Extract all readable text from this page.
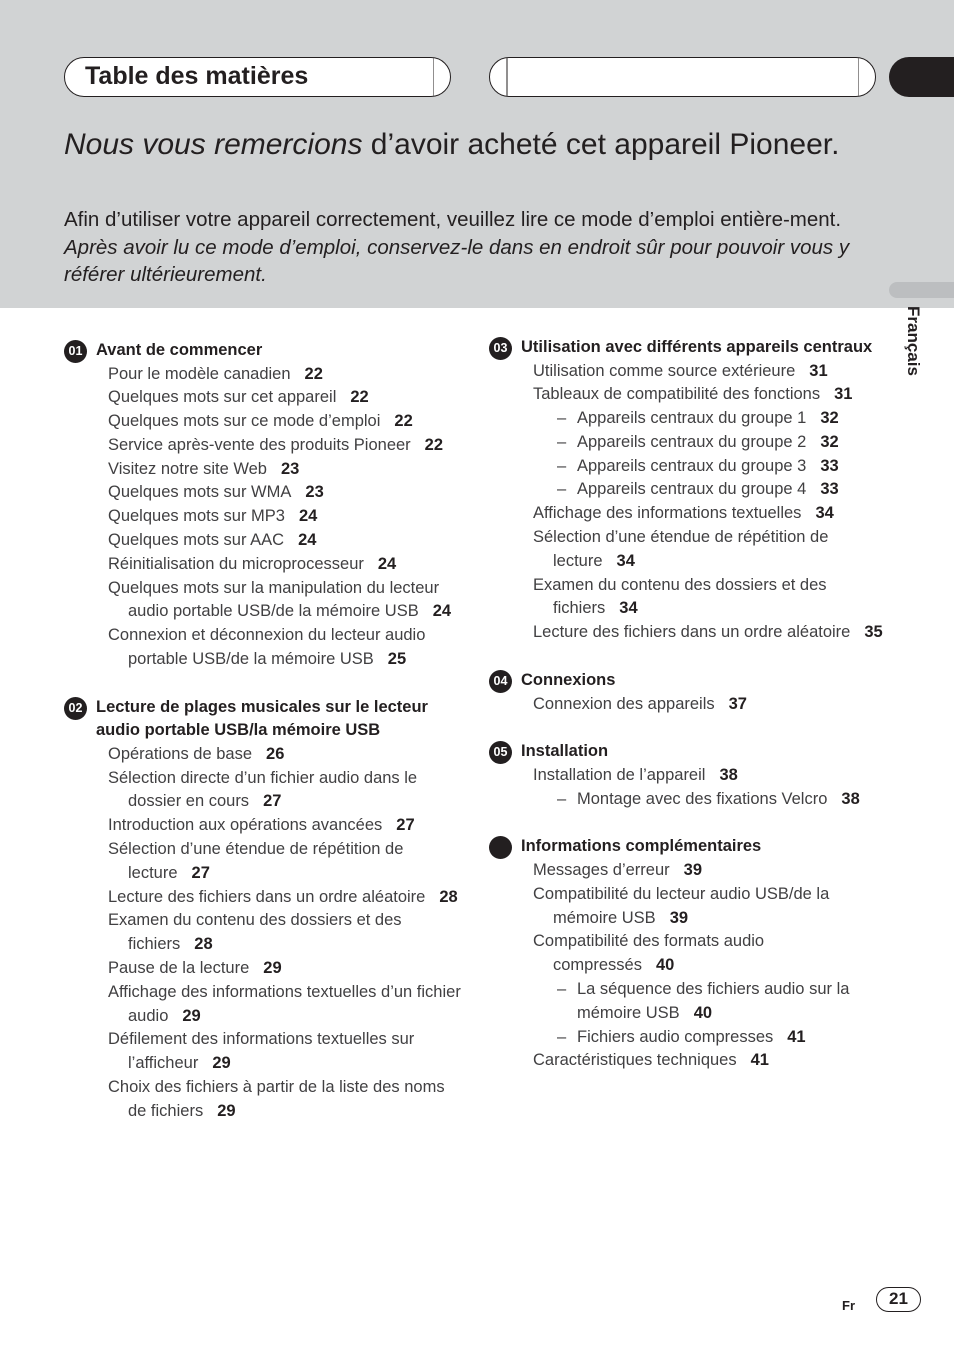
Table des matières
Nous vous remercions d’avoir acheté cet appareil Pioneer.
Afin d’utiliser votre appareil correctement, veuillez lire ce mode d’emploi entière-ment. Après avoir lu ce mode d’emploi, conservez-le dans en endroit sûr pour pouvoir vous y référer ultérieurement.
Français
01 Avant de commencer
Pour le modèle canadien 22
Quelques mots sur cet appareil 22
Quelques mots sur ce mode d’emploi 22
Service après-vente des produits Pioneer 22
Visitez notre site Web 23
Quelques mots sur WMA 23
Quelques mots sur MP3 24
Quelques mots sur AAC 24
Réinitialisation du microprocesseur 24
Quelques mots sur la manipulation du lecteur audio portable USB/de la mémoire USB 24
Connexion et déconnexion du lecteur audio portable USB/de la mémoire USB 25
02 Lecture de plages musicales sur le lecteur audio portable USB/la mémoire USB
Opérations de base 26
Sélection directe d’un fichier audio dans le dossier en cours 27
Introduction aux opérations avancées 27
Sélection d’une étendue de répétition de lecture 27
Lecture des fichiers dans un ordre aléatoire 28
Examen du contenu des dossiers et des fichiers 28
Pause de la lecture 29
Affichage des informations textuelles d’un fichier audio 29
Défilement des informations textuelles sur l’afficheur 29
Choix des fichiers à partir de la liste des noms de fichiers 29
03 Utilisation avec différents appareils centraux
Utilisation comme source extérieure 31
Tableaux de compatibilité des fonctions 31
– Appareils centraux du groupe 1 32
– Appareils centraux du groupe 2 32
– Appareils centraux du groupe 3 33
– Appareils centraux du groupe 4 33
Affichage des informations textuelles 34
Sélection d’une étendue de répétition de lecture 34
Examen du contenu des dossiers et des fichiers 34
Lecture des fichiers dans un ordre aléatoire 35
04 Connexions
Connexion des appareils 37
05 Installation
Installation de l’appareil 38
– Montage avec des fixations Velcro 38
Informations complémentaires
Messages d’erreur 39
Compatibilité du lecteur audio USB/de la mémoire USB 39
Compatibilité des formats audio compressés 40
– La séquence des fichiers audio sur la mémoire USB 40
– Fichiers audio compresses 41
Caractéristiques techniques 41
Fr	21
